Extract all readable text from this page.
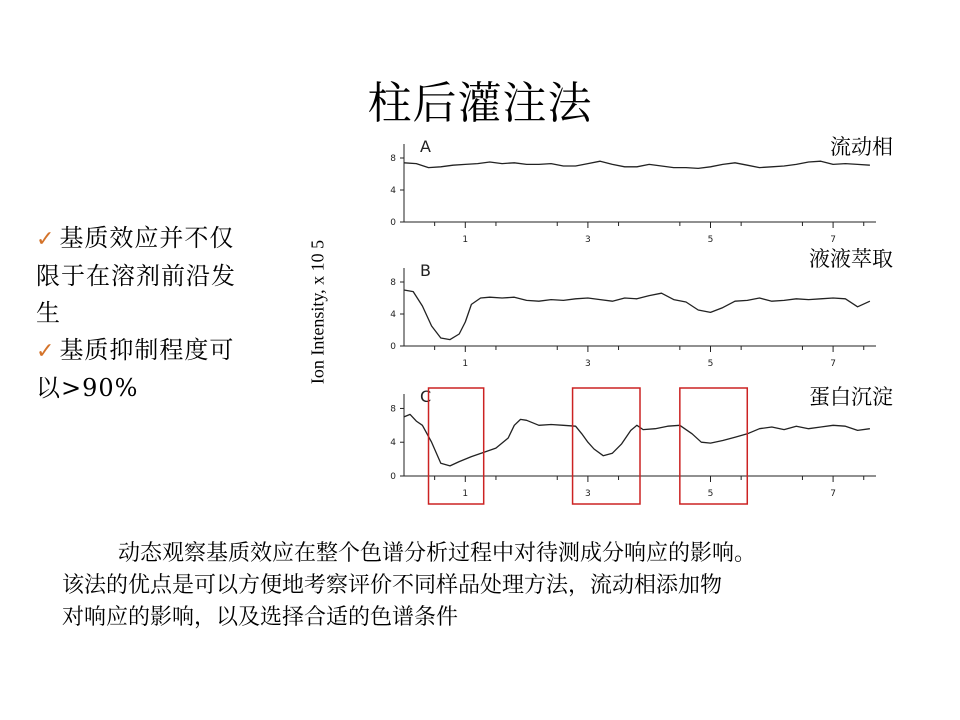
柱后灌注法

✓ 基质效应并不仅限于在溶剂前沿发生

✓ 基质抑制程度可以>90%

0
4
8
1	3	5	7
A	流动相
0
4
8
1	3	5	7
B	液液萃取
0
4
8
1	3	5	7
C	蛋白沉淀
Ion Intensity, x 10 5

动态观察基质效应在整个色谱分析过程中对待测成分响应的影响。

该法的优点是可以方便地考察评价不同样品处理方法，流动相添加物

对响应的影响，以及选择合适的色谱条件
